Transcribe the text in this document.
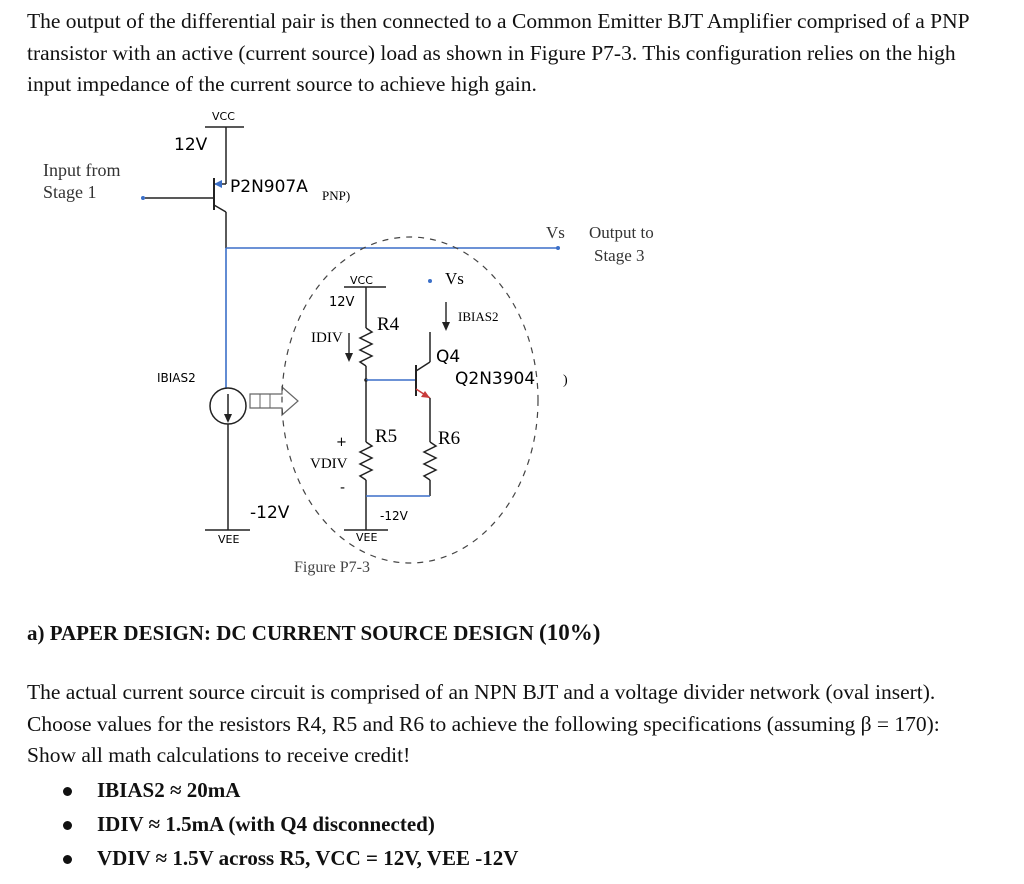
The output of the differential pair is then connected to a Common Emitter BJT Amplifier comprised of a PNP transistor with an active (current source) load as shown in Figure P7-3. This configuration relies on the high input impedance of the current source to achieve high gain.

VCC
12V
Input from
Stage 1	P2N907A PNP)
Vs Output to
Stage 3
VCC
12V
Vs
IBIAS2
IDIV
R4
Q4
Q2N3904 )
IBIAS2
+ R5 R6
VDIV
-
-12V	-12V
VEE	VEE
Figure P7-3

a) PAPER DESIGN: DC CURRENT SOURCE DESIGN (10%)

The actual current source circuit is comprised of an NPN BJT and a voltage divider network (oval insert). Choose values for the resistors R4, R5 and R6 to achieve the following specifications (assuming β = 170): Show all math calculations to receive credit!

IBIAS2 ≈ 20mA
IDIV ≈ 1.5mA (with Q4 disconnected)
VDIV ≈ 1.5V across R5, VCC = 12V, VEE -12V
